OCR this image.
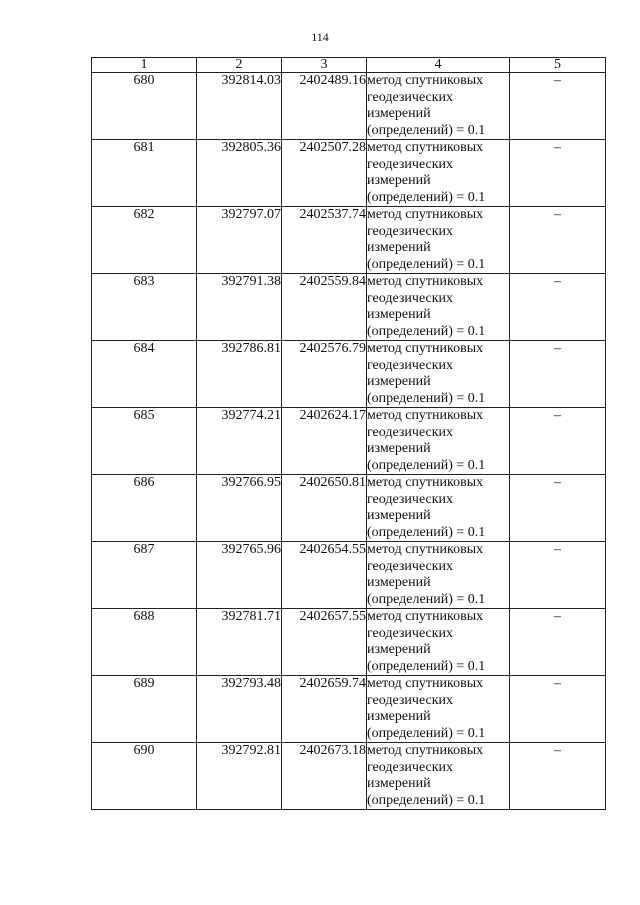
114
1	2	3	4	5
680	392814.03	2402489.16	метод спутниковых
геодезических
измерений
(определений) = 0.1	–
681	392805.36	2402507.28	метод спутниковых
геодезических
измерений
(определений) = 0.1	–
682	392797.07	2402537.74	метод спутниковых
геодезических
измерений
(определений) = 0.1	–
683	392791.38	2402559.84	метод спутниковых
геодезических
измерений
(определений) = 0.1	–
684	392786.81	2402576.79	метод спутниковых
геодезических
измерений
(определений) = 0.1	–
685	392774.21	2402624.17	метод спутниковых
геодезических
измерений
(определений) = 0.1	–
686	392766.95	2402650.81	метод спутниковых
геодезических
измерений
(определений) = 0.1	–
687	392765.96	2402654.55	метод спутниковых
геодезических
измерений
(определений) = 0.1	–
688	392781.71	2402657.55	метод спутниковых
геодезических
измерений
(определений) = 0.1	–
689	392793.48	2402659.74	метод спутниковых
геодезических
измерений
(определений) = 0.1	–
690	392792.81	2402673.18	метод спутниковых
геодезических
измерений
(определений) = 0.1	–
